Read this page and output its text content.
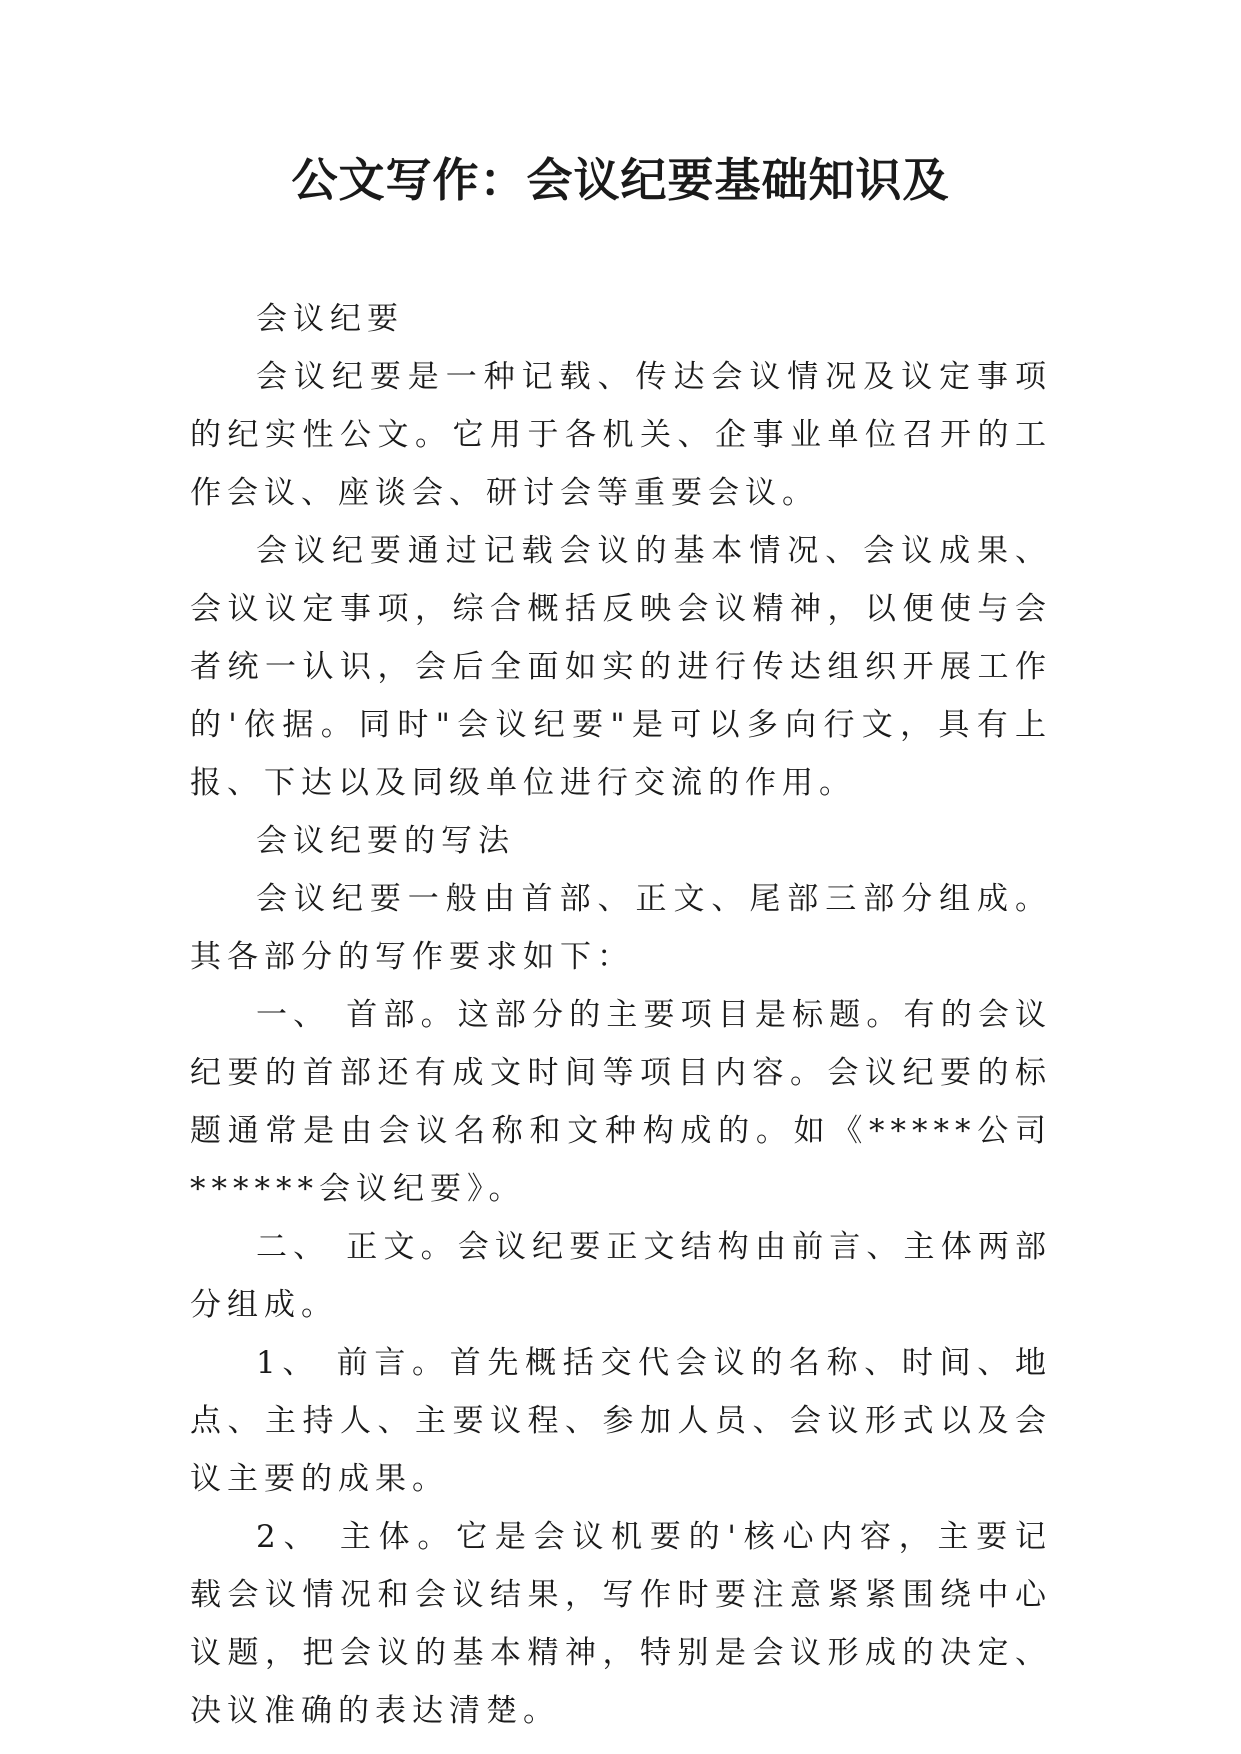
公文写作：会议纪要基础知识及

会议纪要

会议纪要是一种记载、传达会议情况及议定事项的纪实性公文。它用于各机关、企事业单位召开的工作会议、座谈会、研讨会等重要会议。

会议纪要通过记载会议的基本情况、会议成果、会议议定事项，综合概括反映会议精神，以便使与会者统一认识，会后全面如实的进行传达组织开展工作的'依据。同时"会议纪要"是可以多向行文，具有上报、下达以及同级单位进行交流的作用。

会议纪要的写法

会议纪要一般由首部、正文、尾部三部分组成。其各部分的写作要求如下：

一、 首部。这部分的主要项目是标题。有的会议纪要的首部还有成文时间等项目内容。会议纪要的标题通常是由会议名称和文种构成的。如《*****公司******会议纪要》。

二、 正文。会议纪要正文结构由前言、主体两部分组成。

1、 前言。首先概括交代会议的名称、时间、地点、主持人、主要议程、参加人员、会议形式以及会议主要的成果。

2、 主体。它是会议机要的'核心内容，主要记载会议情况和会议结果，写作时要注意紧紧围绕中心议题，把会议的基本精神，特别是会议形成的决定、决议准确的表达清楚。
